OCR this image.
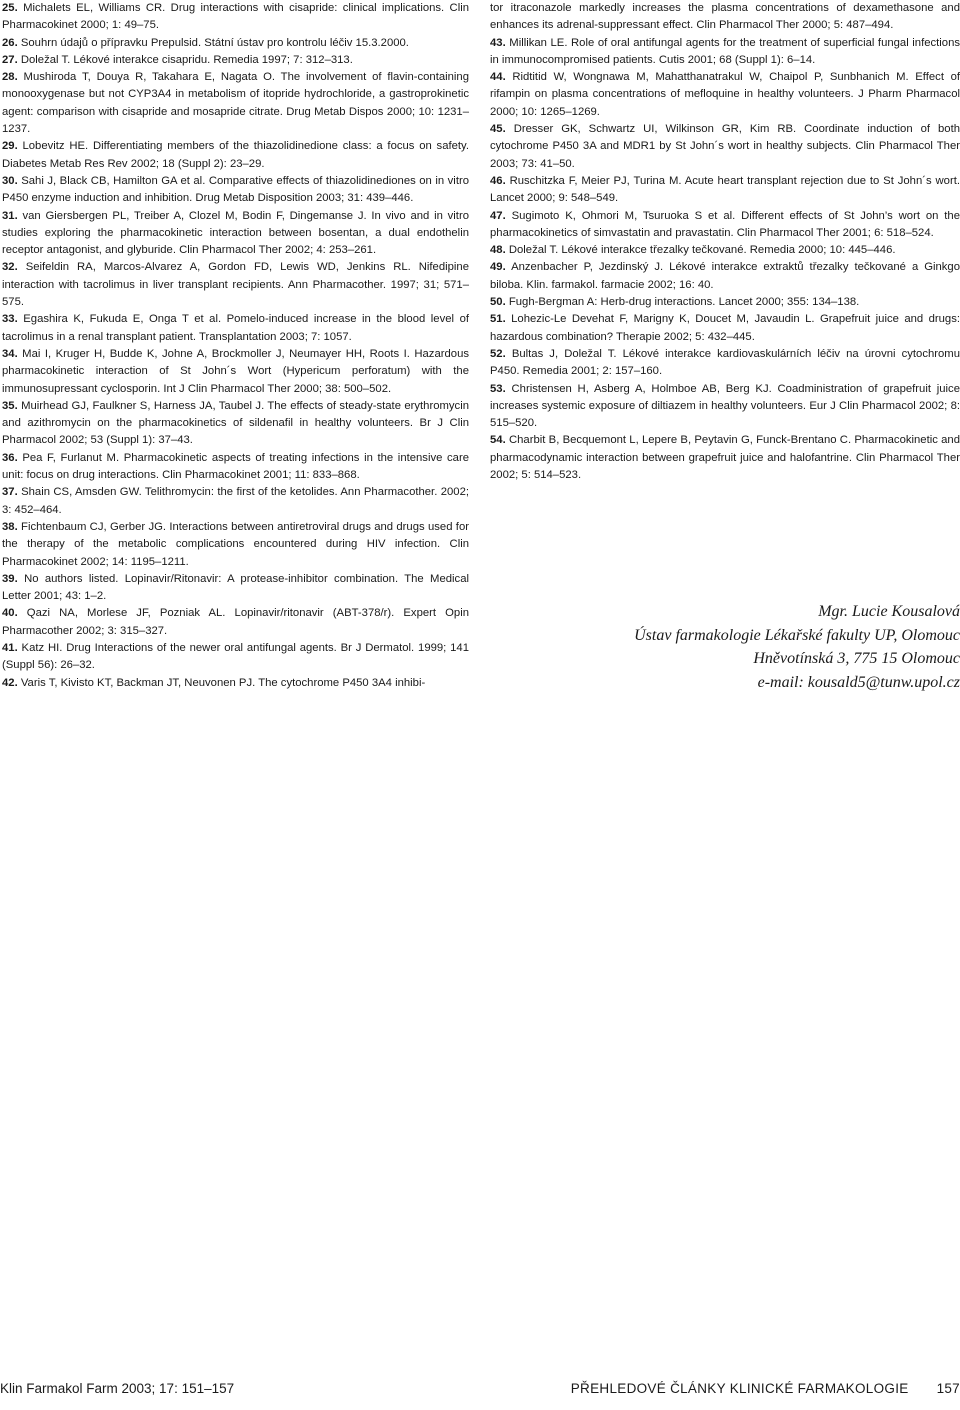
25. Michalets EL, Williams CR. Drug interactions with cisapride: clinical implications. Clin Pharmacokinet 2000; 1: 49–75.

26. Souhrn údajů o přípravku Prepulsid. Státní ústav pro kontrolu léčiv 15.3.2000.

27. Doležal T. Lékové interakce cisapridu. Remedia 1997; 7: 312–313.

28. Mushiroda T, Douya R, Takahara E, Nagata O. The involvement of flavin-containing monooxygenase but not CYP3A4 in metabolism of itopride hydrochloride, a gastroprokinetic agent: comparison with cisapride and mosapride citrate. Drug Metab Dispos 2000; 10: 1231–1237.

29. Lobevitz HE. Differentiating members of the thiazolidinedione class: a focus on safety. Diabetes Metab Res Rev 2002; 18 (Suppl 2): 23–29.

30. Sahi J, Black CB, Hamilton GA et al. Comparative effects of thiazolidinediones on in vitro P450 enzyme induction and inhibition. Drug Metab Disposition 2003; 31: 439–446.

31. van Giersbergen PL, Treiber A, Clozel M, Bodin F, Dingemanse J. In vivo and in vitro studies exploring the pharmacokinetic interaction between bosentan, a dual endothelin receptor antagonist, and glyburide. Clin Pharmacol Ther 2002; 4: 253–261.

32. Seifeldin RA, Marcos-Alvarez A, Gordon FD, Lewis WD, Jenkins RL. Nifedipine interaction with tacrolimus in liver transplant recipients. Ann Pharmacother. 1997; 31; 571–575.

33. Egashira K, Fukuda E, Onga T et al. Pomelo-induced increase in the blood level of tacrolimus in a renal transplant patient. Transplantation 2003; 7: 1057.

34. Mai I, Kruger H, Budde K, Johne A, Brockmoller J, Neumayer HH, Roots I. Hazardous pharmacokinetic interaction of St John´s Wort (Hypericum perforatum) with the immunosupressant cyclosporin. Int J Clin Pharmacol Ther 2000; 38: 500–502.

35. Muirhead GJ, Faulkner S, Harness JA, Taubel J. The effects of steady-state erythromycin and azithromycin on the pharmacokinetics of sildenafil in healthy volunteers. Br J Clin Pharmacol 2002; 53 (Suppl 1): 37–43.

36. Pea F, Furlanut M. Pharmacokinetic aspects of treating infections in the intensive care unit: focus on drug interactions. Clin Pharmacokinet 2001; 11: 833–868.

37. Shain CS, Amsden GW. Telithromycin: the first of the ketolides. Ann Pharmacother. 2002; 3: 452–464.

38. Fichtenbaum CJ, Gerber JG. Interactions between antiretroviral drugs and drugs used for the therapy of the metabolic complications encountered during HIV infection. Clin Pharmacokinet 2002; 14: 1195–1211.

39. No authors listed. Lopinavir/Ritonavir: A protease-inhibitor combination. The Medical Letter 2001; 43: 1–2.

40. Qazi NA, Morlese JF, Pozniak AL. Lopinavir/ritonavir (ABT-378/r). Expert Opin Pharmacother 2002; 3: 315–327.

41. Katz HI. Drug Interactions of the newer oral antifungal agents. Br J Dermatol. 1999; 141 (Suppl 56): 26–32.

42. Varis T, Kivisto KT, Backman JT, Neuvonen PJ. The cytochrome P450 3A4 inhibi-

tor itraconazole markedly increases the plasma concentrations of dexamethasone and enhances its adrenal-suppressant effect. Clin Pharmacol Ther 2000; 5: 487–494.

43. Millikan LE. Role of oral antifungal agents for the treatment of superficial fungal infections in immunocompromised patients. Cutis 2001; 68 (Suppl 1): 6–14.

44. Ridtitid W, Wongnawa M, Mahatthanatrakul W, Chaipol P, Sunbhanich M. Effect of rifampin on plasma concentrations of mefloquine in healthy volunteers. J Pharm Pharmacol 2000; 10: 1265–1269.

45. Dresser GK, Schwartz UI, Wilkinson GR, Kim RB. Coordinate induction of both cytochrome P450 3A and MDR1 by St John´s wort in healthy subjects. Clin Pharmacol Ther 2003; 73: 41–50.

46. Ruschitzka F, Meier PJ, Turina M. Acute heart transplant rejection due to St John´s wort. Lancet 2000; 9: 548–549.

47. Sugimoto K, Ohmori M, Tsuruoka S et al. Different effects of St John’s wort on the pharmacokinetics of simvastatin and pravastatin. Clin Pharmacol Ther 2001; 6: 518–524.

48. Doležal T. Lékové interakce třezalky tečkované. Remedia 2000; 10: 445–446.

49. Anzenbacher P, Jezdinský J. Lékové interakce extraktů třezalky tečkované a Ginkgo biloba. Klin. farmakol. farmacie 2002; 16: 40.

50. Fugh-Bergman A: Herb-drug interactions. Lancet 2000; 355: 134–138.

51. Lohezic-Le Devehat F, Marigny K, Doucet M, Javaudin L. Grapefruit juice and drugs: hazardous combination? Therapie 2002; 5: 432–445.

52. Bultas J, Doležal T. Lékové interakce kardiovaskulárních léčiv na úrovni cytochromu P450. Remedia 2001; 2: 157–160.

53. Christensen H, Asberg A, Holmboe AB, Berg KJ. Coadministration of grapefruit juice increases systemic exposure of diltiazem in healthy volunteers. Eur J Clin Pharmacol 2002; 8: 515–520.

54. Charbit B, Becquemont L, Lepere B, Peytavin G, Funck-Brentano C. Pharmacokinetic and pharmacodynamic interaction between grapefruit juice and halofantrine. Clin Pharmacol Ther 2002; 5: 514–523.

Mgr. Lucie Kousalová
Ústav farmakologie Lékařské fakulty UP, Olomouc
Hněvotínská 3, 775 15 Olomouc
e-mail: kousald5@tunw.upol.cz
Klin Farmakol Farm 2003; 17: 151–157	PŘEHLEDOVÉ ČLÁNKY KLINICKÉ FARMAKOLOGIE 157
